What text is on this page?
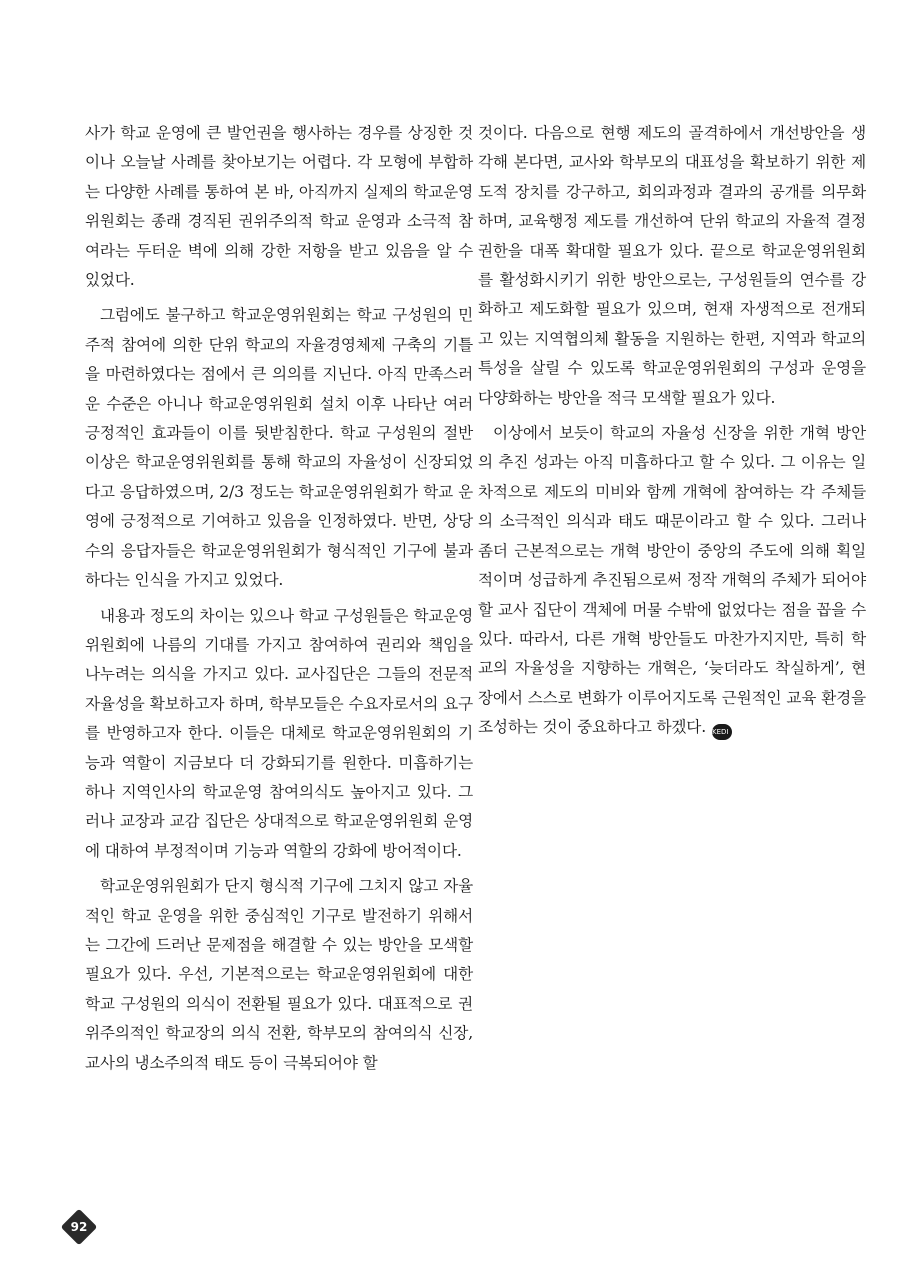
사가 학교 운영에 큰 발언권을 행사하는 경우를 상징한 것이나 오늘날 사례를 찾아보기는 어렵다. 각 모형에 부합하는 다양한 사례를 통하여 본 바, 아직까지 실제의 학교운영위원회는 종래 경직된 권위주의적 학교 운영과 소극적 참여라는 두터운 벽에 의해 강한 저항을 받고 있음을 알 수 있었다.

그럼에도 불구하고 학교운영위원회는 학교 구성원의 민주적 참여에 의한 단위 학교의 자율경영체제 구축의 기틀을 마련하였다는 점에서 큰 의의를 지닌다. 아직 만족스러운 수준은 아니나 학교운영위원회 설치 이후 나타난 여러 긍정적인 효과들이 이를 뒷받침한다. 학교 구성원의 절반 이상은 학교운영위원회를 통해 학교의 자율성이 신장되었다고 응답하였으며, 2/3 정도는 학교운영위원회가 학교 운영에 긍정적으로 기여하고 있음을 인정하였다. 반면, 상당수의 응답자들은 학교운영위원회가 형식적인 기구에 불과하다는 인식을 가지고 있었다.

내용과 정도의 차이는 있으나 학교 구성원들은 학교운영위원회에 나름의 기대를 가지고 참여하여 권리와 책임을 나누려는 의식을 가지고 있다. 교사집단은 그들의 전문적 자율성을 확보하고자 하며, 학부모들은 수요자로서의 요구를 반영하고자 한다. 이들은 대체로 학교운영위원회의 기능과 역할이 지금보다 더 강화되기를 원한다. 미흡하기는 하나 지역인사의 학교운영 참여의식도 높아지고 있다. 그러나 교장과 교감 집단은 상대적으로 학교운영위원회 운영에 대하여 부정적이며 기능과 역할의 강화에 방어적이다.

학교운영위원회가 단지 형식적 기구에 그치지 않고 자율적인 학교 운영을 위한 중심적인 기구로 발전하기 위해서는 그간에 드러난 문제점을 해결할 수 있는 방안을 모색할 필요가 있다. 우선, 기본적으로는 학교운영위원회에 대한 학교 구성원의 의식이 전환될 필요가 있다. 대표적으로 권위주의적인 학교장의 의식 전환, 학부모의 참여의식 신장, 교사의 냉소주의적 태도 등이 극복되어야 할

것이다. 다음으로 현행 제도의 골격하에서 개선방안을 생각해 본다면, 교사와 학부모의 대표성을 확보하기 위한 제도적 장치를 강구하고, 회의과정과 결과의 공개를 의무화하며, 교육행정 제도를 개선하여 단위 학교의 자율적 결정 권한을 대폭 확대할 필요가 있다. 끝으로 학교운영위원회를 활성화시키기 위한 방안으로는, 구성원들의 연수를 강화하고 제도화할 필요가 있으며, 현재 자생적으로 전개되고 있는 지역협의체 활동을 지원하는 한편, 지역과 학교의 특성을 살릴 수 있도록 학교운영위원회의 구성과 운영을 다양화하는 방안을 적극 모색할 필요가 있다.

이상에서 보듯이 학교의 자율성 신장을 위한 개혁 방안의 추진 성과는 아직 미흡하다고 할 수 있다. 그 이유는 일차적으로 제도의 미비와 함께 개혁에 참여하는 각 주체들의 소극적인 의식과 태도 때문이라고 할 수 있다. 그러나 좀더 근본적으로는 개혁 방안이 중앙의 주도에 의해 획일적이며 성급하게 추진됨으로써 정작 개혁의 주체가 되어야 할 교사 집단이 객체에 머물 수밖에 없었다는 점을 꼽을 수 있다. 따라서, 다른 개혁 방안들도 마찬가지지만, 특히 학교의 자율성을 지향하는 개혁은, ‘늦더라도 착실하게’, 현장에서 스스로 변화가 이루어지도록 근원적인 교육 환경을 조성하는 것이 중요하다고 하겠다. KEDI

92
